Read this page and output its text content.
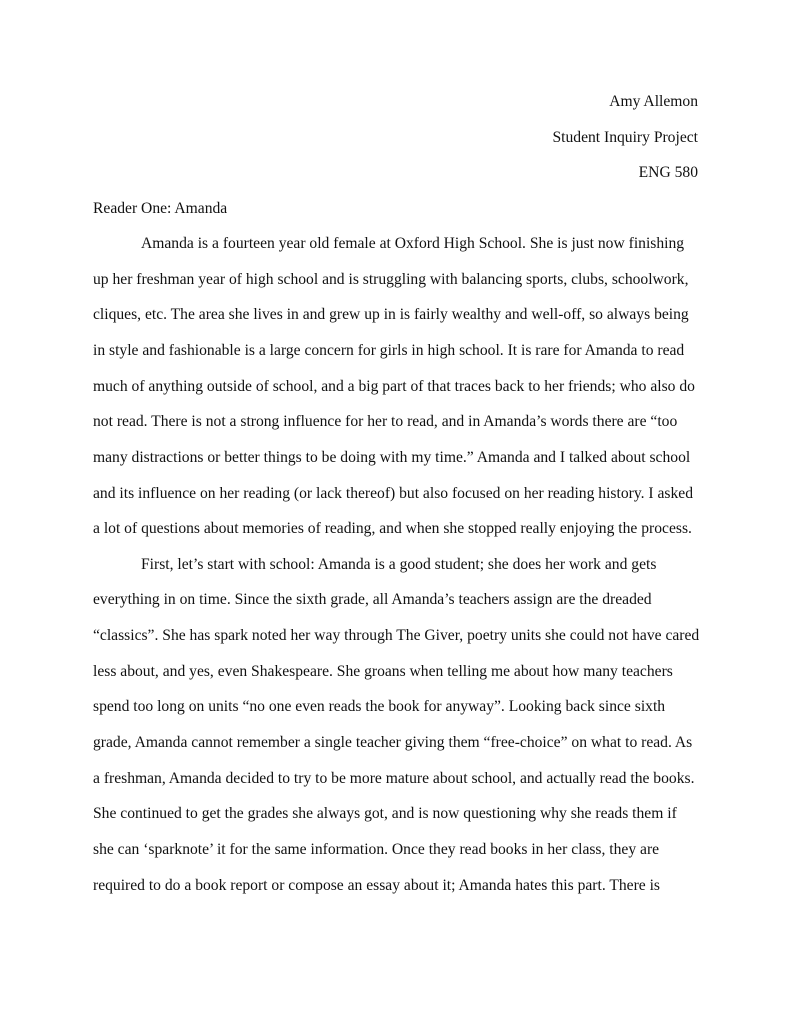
Amy Allemon
Student Inquiry Project
ENG 580
Reader One: Amanda
Amanda is a fourteen year old female at Oxford High School. She is just now finishing
up her freshman year of high school and is struggling with balancing sports, clubs, schoolwork,
cliques, etc. The area she lives in and grew up in is fairly wealthy and well-off, so always being
in style and fashionable is a large concern for girls in high school. It is rare for Amanda to read
much of anything outside of school, and a big part of that traces back to her friends; who also do
not read. There is not a strong influence for her to read, and in Amanda’s words there are “too
many distractions or better things to be doing with my time.” Amanda and I talked about school
and its influence on her reading (or lack thereof) but also focused on her reading history. I asked
a lot of questions about memories of reading, and when she stopped really enjoying the process.
First, let’s start with school: Amanda is a good student; she does her work and gets
everything in on time. Since the sixth grade, all Amanda’s teachers assign are the dreaded
“classics”. She has spark noted her way through The Giver, poetry units she could not have cared
less about, and yes, even Shakespeare. She groans when telling me about how many teachers
spend too long on units “no one even reads the book for anyway”. Looking back since sixth
grade, Amanda cannot remember a single teacher giving them “free-choice” on what to read. As
a freshman, Amanda decided to try to be more mature about school, and actually read the books.
She continued to get the grades she always got, and is now questioning why she reads them if
she can ‘sparknote’ it for the same information. Once they read books in her class, they are
required to do a book report or compose an essay about it; Amanda hates this part. There is
